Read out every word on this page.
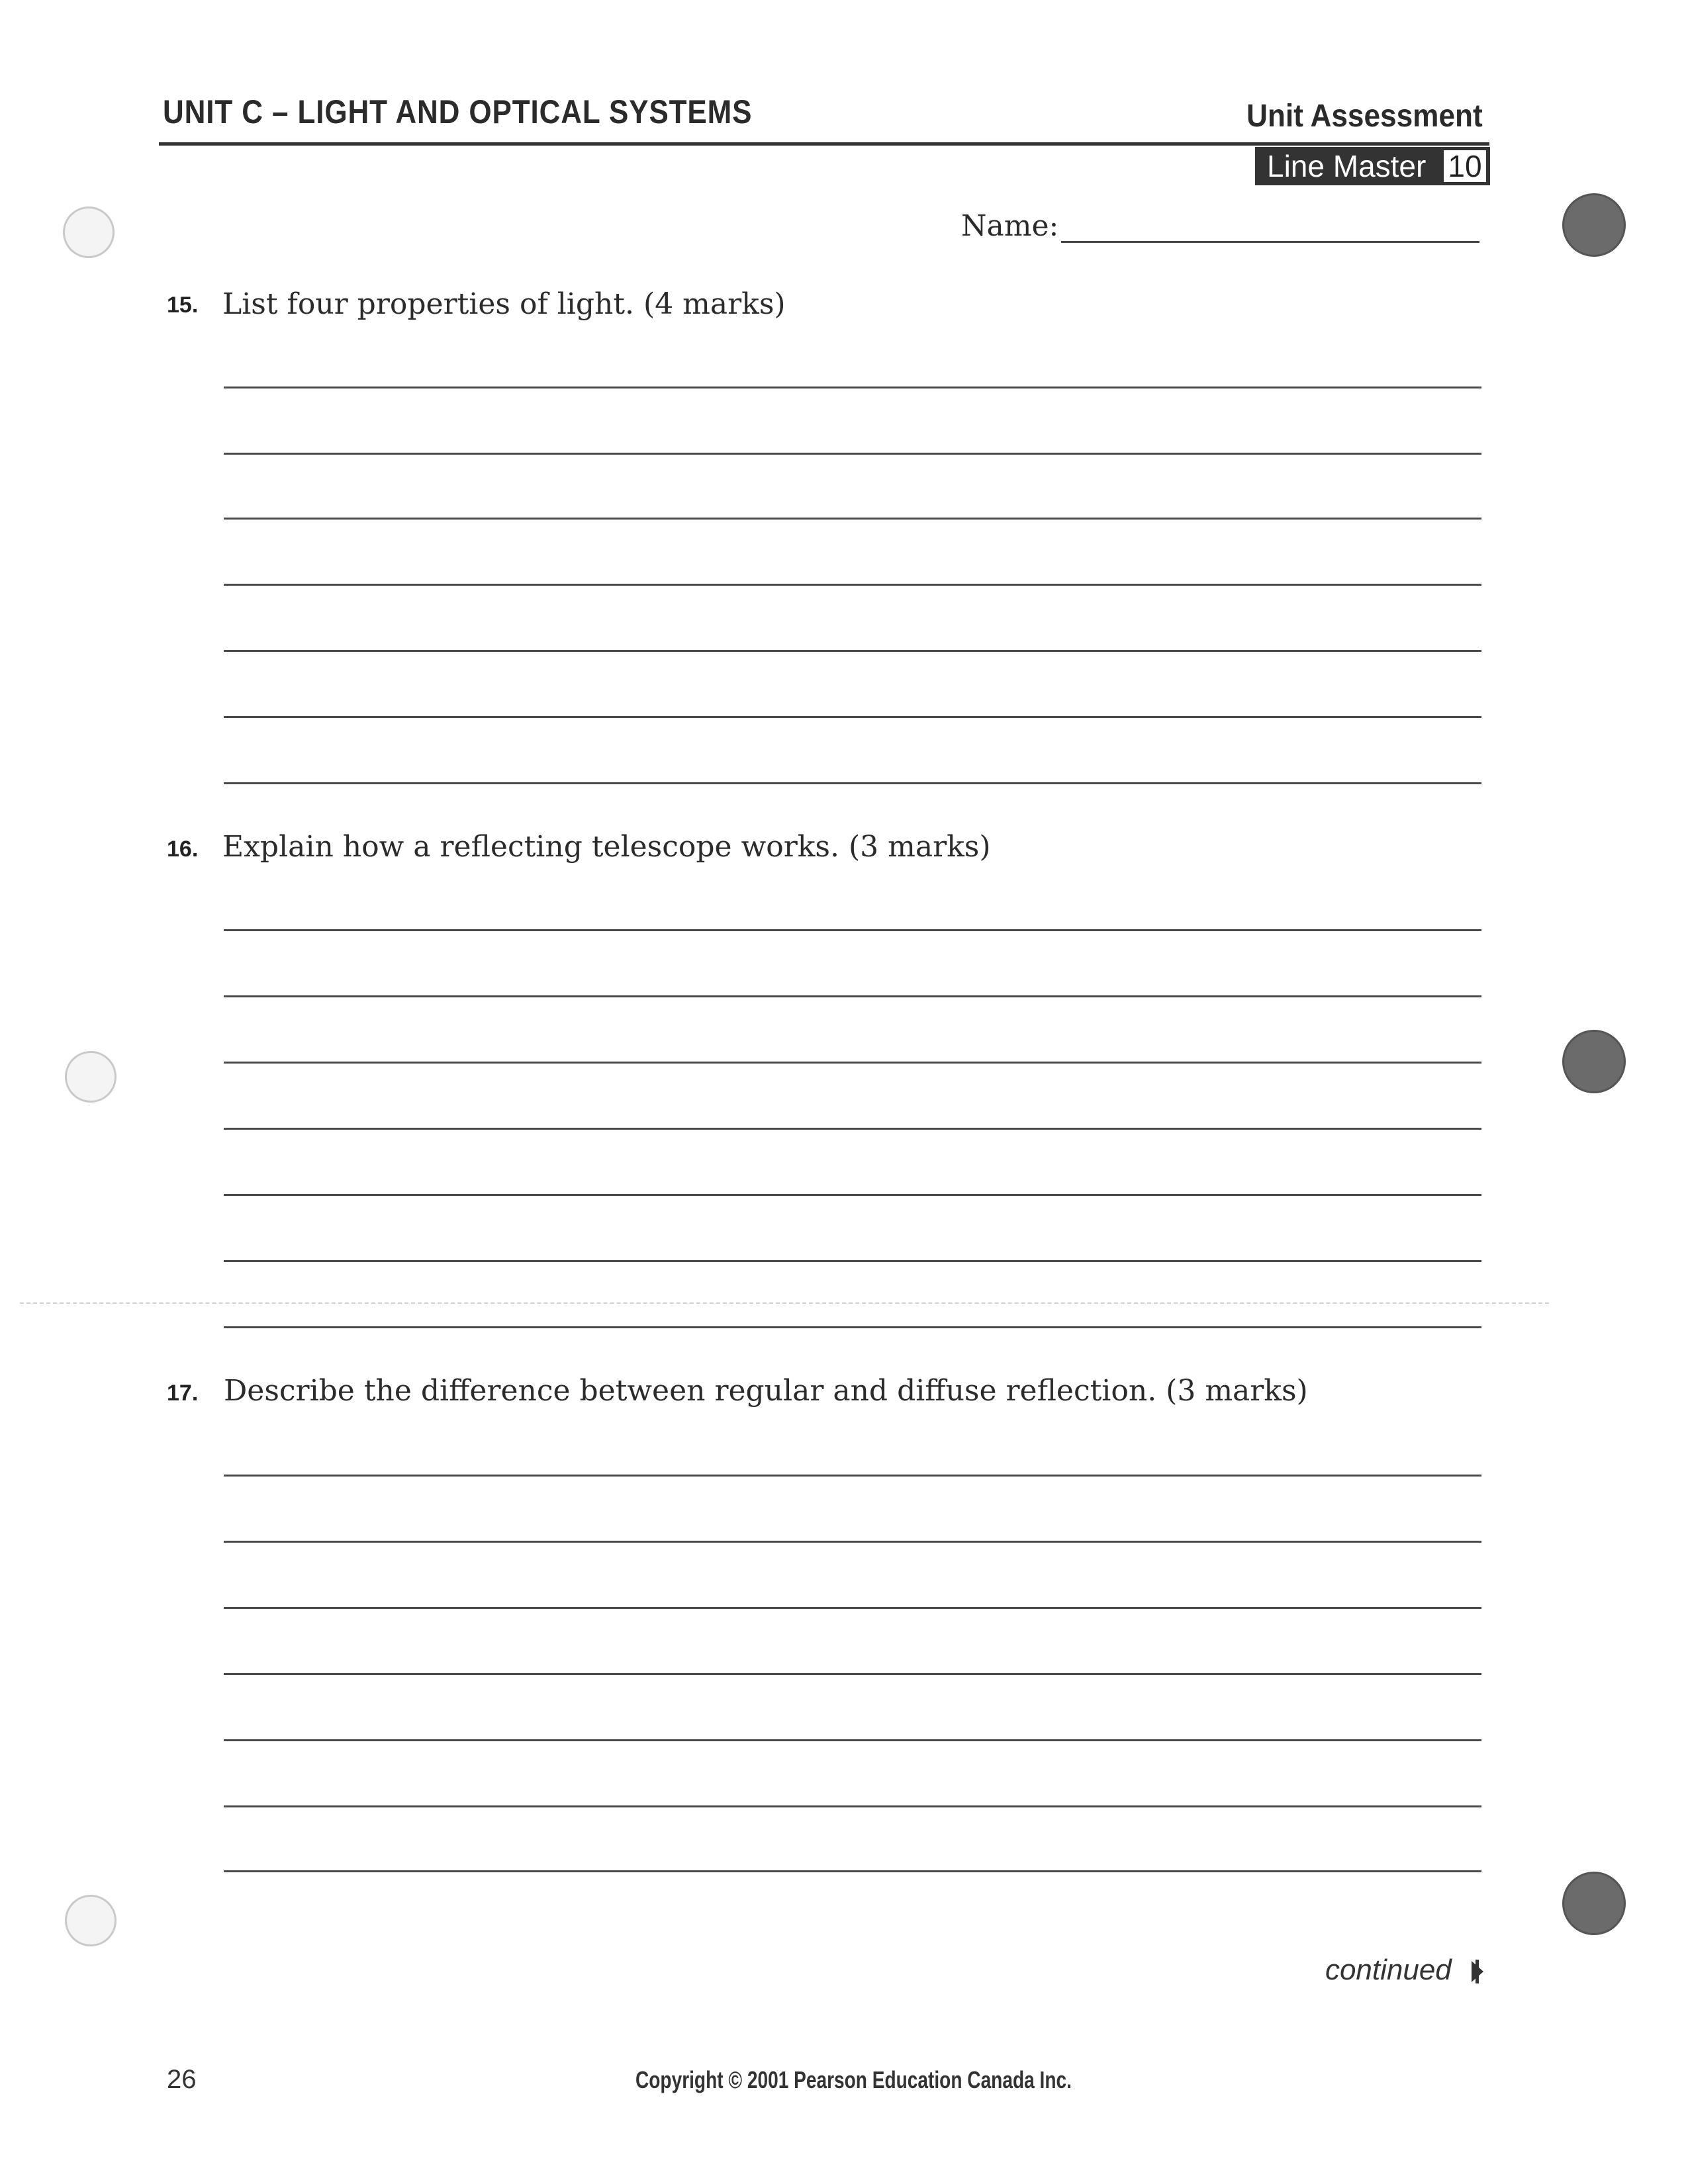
UNIT C – LIGHT AND OPTICAL SYSTEMS	Unit Assessment
Line Master 10
Name:
15. List four properties of light. (4 marks)
16. Explain how a reflecting telescope works. (3 marks)
17. Describe the difference between regular and diffuse reflection. (3 marks)
continued
26	Copyright © 2001 Pearson Education Canada Inc.
